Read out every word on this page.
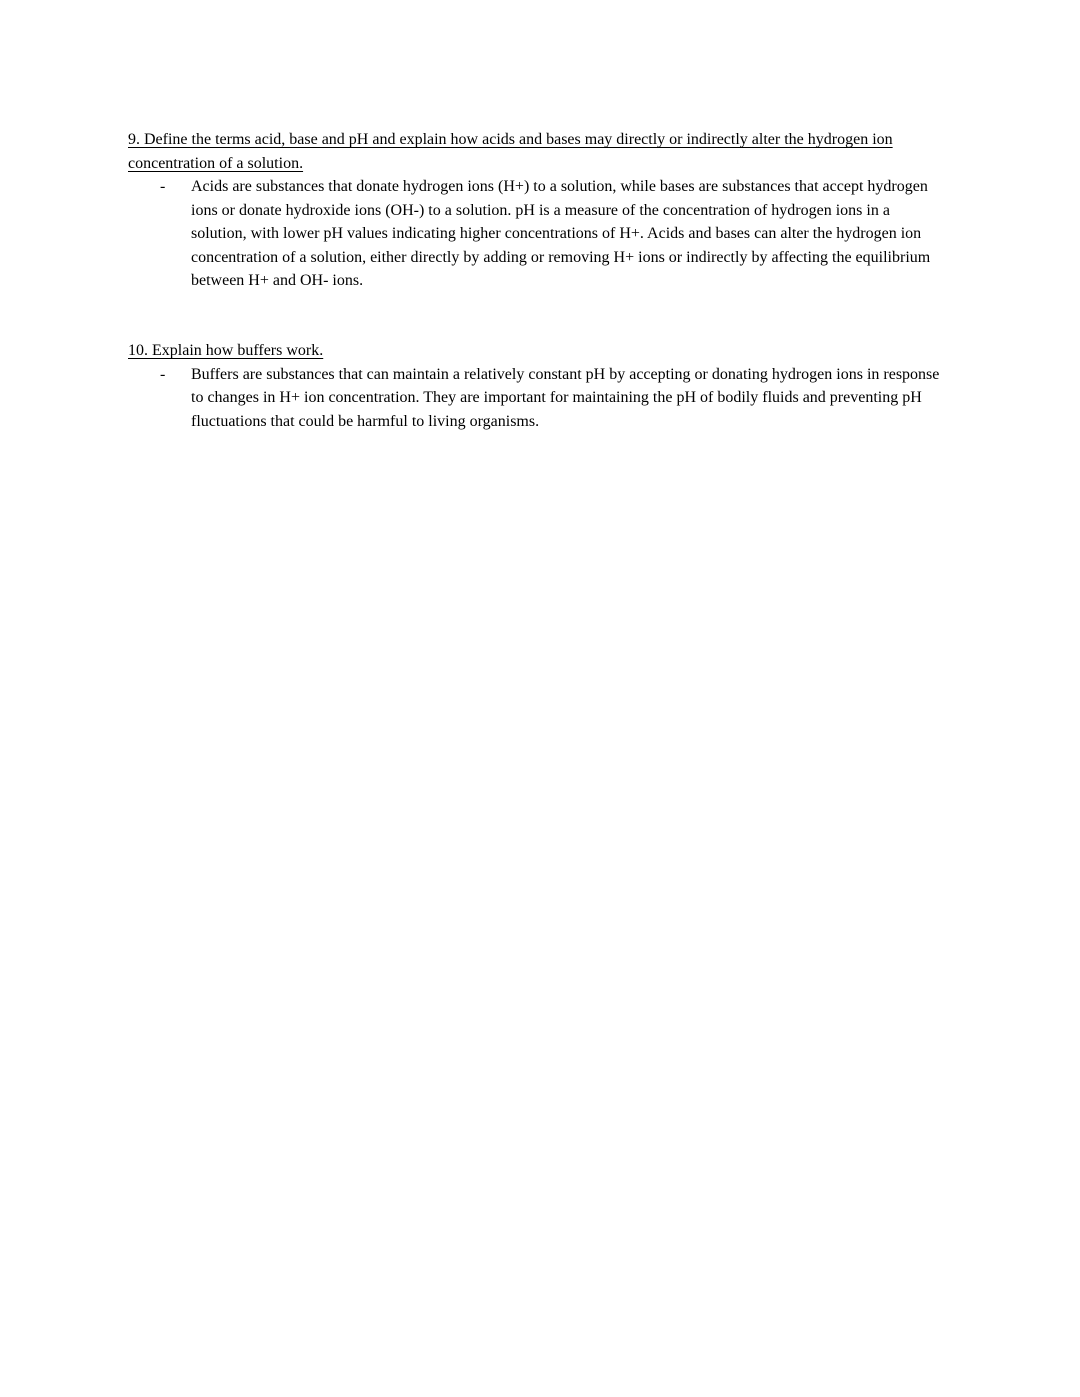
9. Define the terms acid, base and pH and explain how acids and bases may directly or indirectly alter the hydrogen ion concentration of a solution.
-	Acids are substances that donate hydrogen ions (H+) to a solution, while bases are substances that accept hydrogen ions or donate hydroxide ions (OH-) to a solution. pH is a measure of the concentration of hydrogen ions in a solution, with lower pH values indicating higher concentrations of H+. Acids and bases can alter the hydrogen ion concentration of a solution, either directly by adding or removing H+ ions or indirectly by affecting the equilibrium between H+ and OH- ions.
10. Explain how buffers work.
-	Buffers are substances that can maintain a relatively constant pH by accepting or donating hydrogen ions in response to changes in H+ ion concentration. They are important for maintaining the pH of bodily fluids and preventing pH fluctuations that could be harmful to living organisms.
